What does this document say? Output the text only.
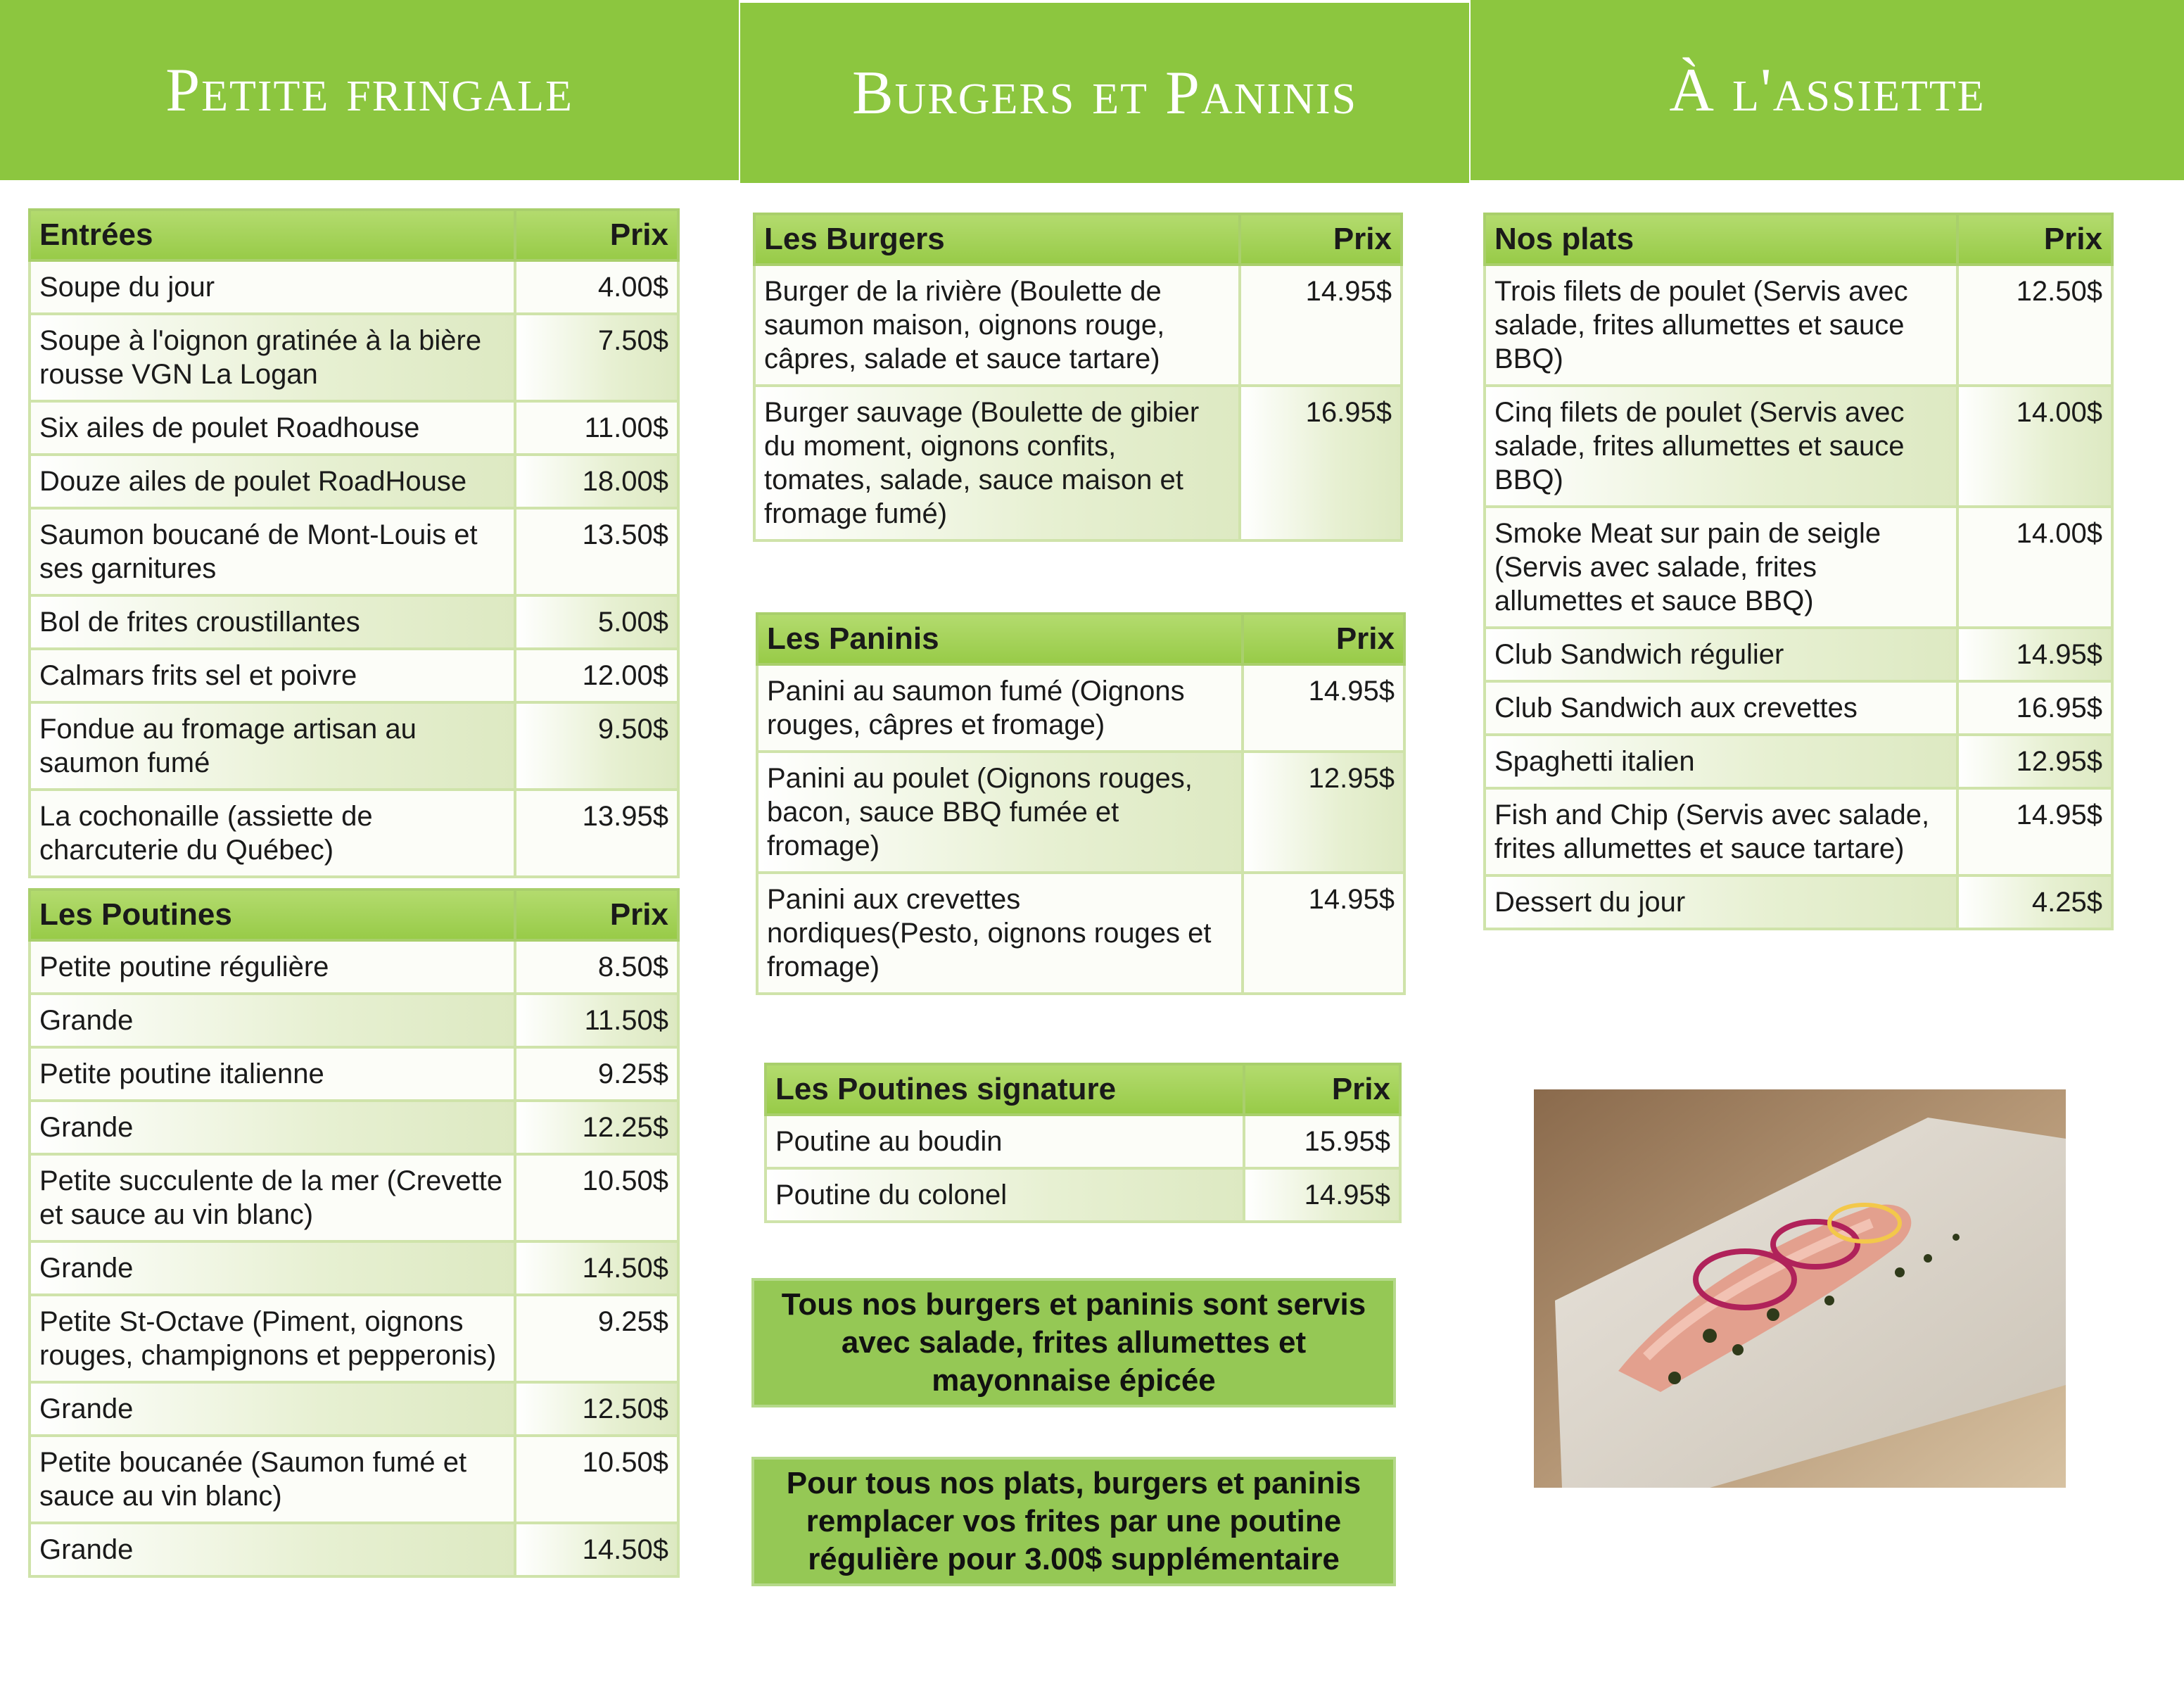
Petite fringale	Burgers et Paninis	À l'assiette
Entrées	Prix
Soupe du jour	4.00$
Soupe à l'oignon gratinée à la bière rousse VGN La Logan	7.50$
Six ailes de poulet Roadhouse	11.00$
Douze ailes de poulet RoadHouse	18.00$
Saumon boucané de Mont-Louis et ses garnitures	13.50$
Bol de frites croustillantes	5.00$
Calmars frits sel et poivre	12.00$
Fondue au fromage artisan au saumon fumé	9.50$
La cochonaille (assiette de charcuterie du Québec)	13.95$
Les Poutines	Prix
Petite poutine régulière	8.50$
Grande	11.50$
Petite poutine italienne	9.25$
Grande	12.25$
Petite succulente de la mer (Crevette et sauce au vin blanc)	10.50$
Grande	14.50$
Petite St-Octave (Piment, oignons rouges, champignons et pepperonis)	9.25$
Grande	12.50$
Petite boucanée (Saumon fumé et sauce au vin blanc)	10.50$
Grande	14.50$
Les Burgers	Prix
Burger de la rivière (Boulette de saumon maison, oignons rouge, câpres, salade et sauce tartare)	14.95$
Burger sauvage (Boulette de gibier du moment, oignons confits, tomates, salade, sauce maison et fromage fumé)	16.95$
Les Paninis	Prix
Panini au saumon fumé (Oignons rouges, câpres et fromage)	14.95$
Panini au poulet (Oignons rouges, bacon, sauce BBQ fumée et fromage)	12.95$
Panini aux crevettes nordiques(Pesto, oignons rouges et fromage)	14.95$
Les Poutines signature	Prix
Poutine au boudin	15.95$
Poutine du colonel	14.95$
Tous nos burgers et paninis sont servis avec salade, frites allumettes et mayonnaise épicée
Pour tous nos plats, burgers et paninis remplacer vos frites par une poutine régulière pour 3.00$ supplémentaire
Nos plats	Prix
Trois filets de poulet (Servis avec salade, frites allumettes et sauce BBQ)	12.50$
Cinq filets de poulet (Servis avec salade, frites allumettes et sauce BBQ)	14.00$
Smoke Meat sur pain de seigle (Servis avec salade, frites allumettes et sauce BBQ)	14.00$
Club Sandwich régulier	14.95$
Club Sandwich aux crevettes	16.95$
Spaghetti italien	12.95$
Fish and Chip (Servis avec salade, frites allumettes et sauce tartare)	14.95$
Dessert du jour	4.25$
